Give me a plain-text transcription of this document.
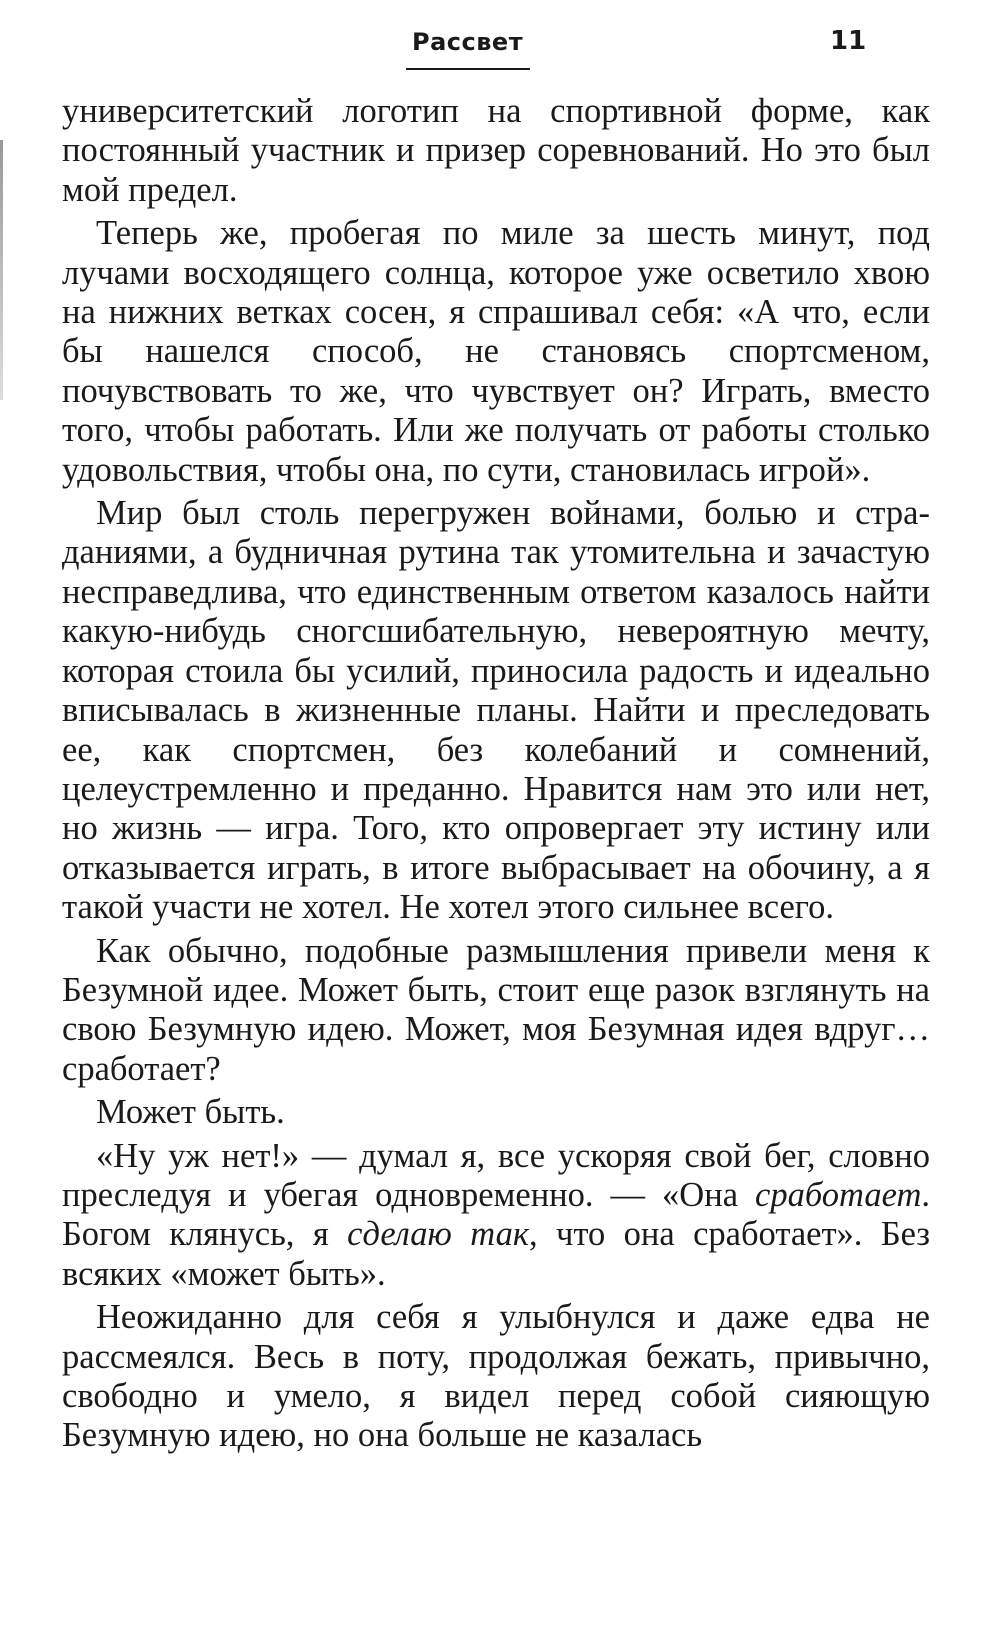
Рассвет	11

университетский логотип на спортивной форме, как постоянный участник и призер соревнований. Но это был мой предел.

Теперь же, пробегая по миле за шесть минут, под лучами восходящего солнца, которое уже осветило хвою на нижних ветках сосен, я спрашивал себя: «А что, если бы нашелся способ, не становясь спортсменом, почувствовать то же, что чувствует он? Играть, вместо того, чтобы работать. Или же получать от работы столько удовольствия, чтобы она, по сути, становилась игрой».

Мир был столь перегружен войнами, болью и страданиями, а будничная рутина так утомительна и зачастую несправедлива, что единственным ответом казалось найти какую-нибудь сногсшибательную, невероятную мечту, которая стоила бы усилий, приносила радость и идеально вписывалась в жизненные планы. Найти и преследовать ее, как спортсмен, без колебаний и сомнений, целеустремленно и преданно. Нравится нам это или нет, но жизнь — игра. Того, кто опровергает эту истину или отказывается играть, в итоге выбрасывает на обочину, а я такой участи не хотел. Не хотел этого сильнее всего.

Как обычно, подобные размышления привели меня к Безумной идее. Может быть, стоит еще разок взглянуть на свою Безумную идею. Может, моя Безумная идея вдруг… сработает?

Может быть.

«Ну уж нет!» — думал я, все ускоряя свой бег, словно преследуя и убегая одновременно. — «Она сработает. Богом клянусь, я сделаю так, что она сработает». Без всяких «может быть».

Неожиданно для себя я улыбнулся и даже едва не рассмеялся. Весь в поту, продолжая бежать, привычно, свободно и умело, я видел перед собой сияющую Безумную идею, но она больше не казалась
